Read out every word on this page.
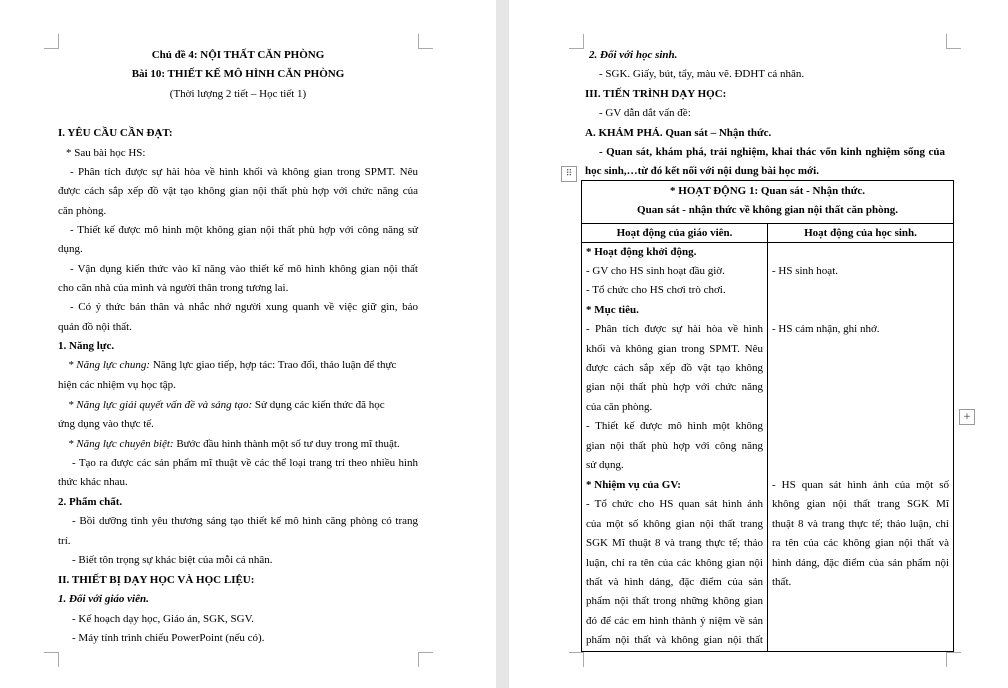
Chủ đề 4: NỘI THẤT CĂN PHÒNG
Bài 10: THIẾT KẾ MÔ HÌNH CĂN PHÒNG
(Thời lượng 2 tiết – Học tiết 1)
I. YÊU CẦU CẦN ĐẠT:
* Sau bài học HS:
- Phân tích được sự hài hòa về hình khối và không gian trong SPMT. Nêu
được cách sắp xếp đồ vật tạo không gian nội thất phù hợp với chức năng của
căn phòng.
- Thiết kế được mô hình một không gian nội thất phù hợp với công năng sử
dụng.
- Vận dụng kiến thức vào kĩ năng vào thiết kế mô hình không gian nội thất
cho căn nhà của mình và người thân trong tương lai.
- Có ý thức bản thân và nhắc nhở người xung quanh về việc giữ gìn, bảo
quản đồ nội thất.
1. Năng lực.
* Năng lực chung: Năng lực giao tiếp, hợp tác: Trao đổi, thảo luận để thực
hiện các nhiệm vụ học tập.
* Năng lực giải quyết vấn đề và sáng tạo: Sử dụng các kiến thức đã học
ứng dụng vào thực tế.
* Năng lực chuyên biệt: Bước đầu hình thành một số tư duy trong mĩ thuật.
- Tạo ra được các sản phẩm mĩ thuật về các thể loại trang trí theo nhiều hình
thức khác nhau.
2. Phẩm chất.
- Bồi dưỡng tình yêu thương sáng tạo thiết kế mô hình căng phòng có trang
trí.
- Biết tôn trọng sự khác biệt của mỗi cá nhân.
II. THIẾT BỊ DẠY HỌC VÀ HỌC LIỆU:
1. Đối với giáo viên.
- Kế hoạch dạy học, Giáo án, SGK, SGV.
- Máy tính trình chiếu PowerPoint (nếu có).
2. Đối với học sinh.
- SGK. Giấy, bút, tẩy, màu vẽ. ĐDHT cá nhân.
III. TIẾN TRÌNH DẠY HỌC:
- GV dẫn dắt vấn đề:
A. KHÁM PHÁ. Quan sát – Nhận thức.
- Quan sát, khám phá, trải nghiệm, khai thác vốn kinh nghiệm sống của
học sinh,…từ đó kết nối với nội dung bài học mới.
⠿
* HOẠT ĐỘNG 1: Quan sát - Nhận thức.
Quan sát - nhận thức về không gian nội thất căn phòng.
Hoạt động của giáo viên.	Hoạt động của học sinh.
* Hoạt động khởi động.
- GV cho HS sinh hoạt đầu giờ.
- Tổ chức cho HS chơi trò chơi.
- HS sinh hoạt.
* Mục tiêu.
- Phân tích được sự hài hòa về hình
khối và không gian trong SPMT. Nêu
được cách sắp xếp đồ vật tạo không
gian nội thất phù hợp với chức năng
của căn phòng.
- Thiết kế được mô hình một không
gian nội thất phù hợp với công năng
sử dụng.
- HS cảm nhận, ghi nhớ.
* Nhiệm vụ của GV:
- Tổ chức cho HS quan sát hình ảnh
của một số không gian nội thất trang
SGK Mĩ thuật 8 và trang thực tế; thảo
luận, chỉ ra tên của các không gian nội
thất và hình dáng, đặc điểm của sản
phẩm nội thất trong những không gian
đó để các em hình thành ý niệm về sản
phẩm nội thất và không gian nội thất
- HS quan sát hình ảnh của một số
không gian nội thất trang SGK Mĩ
thuật 8 và trang thực tế; thảo luận, chỉ
ra tên của các không gian nội thất và
hình dáng, đặc điểm của sản phẩm nội
thất.
+
